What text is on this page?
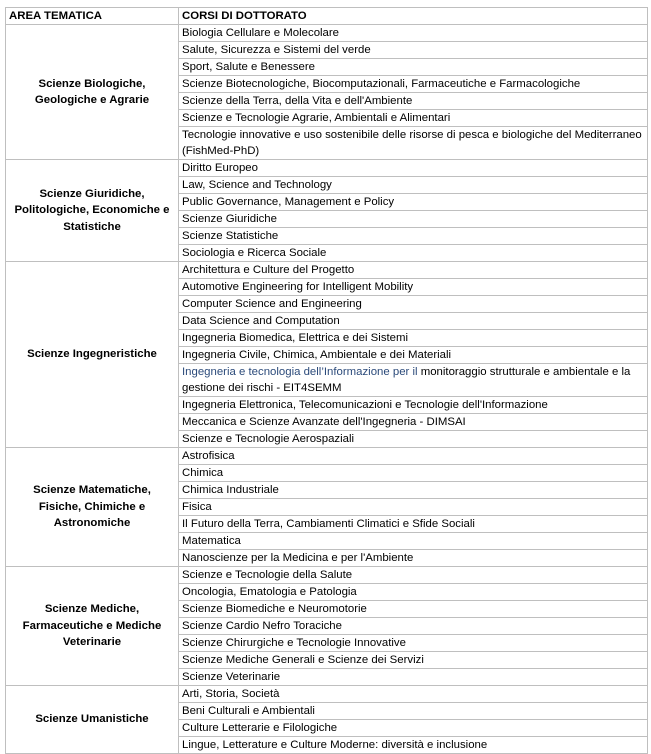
AREA TEMATICA	CORSI DI DOTTORATO
Scienze Biologiche, Geologiche e Agrarie	Biologia Cellulare e Molecolare
	Salute, Sicurezza e Sistemi del verde
	Sport, Salute e Benessere
	Scienze Biotecnologiche, Biocomputazionali, Farmaceutiche e Farmacologiche
	Scienze della Terra, della Vita e dell'Ambiente
	Scienze e Tecnologie Agrarie, Ambientali e Alimentari
	Tecnologie innovative e uso sostenibile delle risorse di pesca e biologiche del Mediterraneo (FishMed-PhD)
Scienze Giuridiche, Politologiche, Economiche e Statistiche	Diritto Europeo
	Law, Science and Technology
	Public Governance, Management e Policy
	Scienze Giuridiche
	Scienze Statistiche
	Sociologia e Ricerca Sociale
Scienze Ingegneristiche	Architettura e Culture del Progetto
	Automotive Engineering for Intelligent Mobility
	Computer Science and Engineering
	Data Science and Computation
	Ingegneria Biomedica, Elettrica e dei Sistemi
	Ingegneria Civile, Chimica, Ambientale e dei Materiali
	Ingegneria e tecnologia dell’Informazione per il monitoraggio strutturale e ambientale e la gestione dei rischi - EIT4SEMM
	Ingegneria Elettronica, Telecomunicazioni e Tecnologie dell'Informazione
	Meccanica e Scienze Avanzate dell'Ingegneria - DIMSAI
	Scienze e Tecnologie Aerospaziali
Scienze Matematiche, Fisiche, Chimiche e Astronomiche	Astrofisica
	Chimica
	Chimica Industriale
	Fisica
	Il Futuro della Terra, Cambiamenti Climatici e Sfide Sociali
	Matematica
	Nanoscienze per la Medicina e per l'Ambiente
Scienze Mediche, Farmaceutiche e Mediche Veterinarie	Scienze e Tecnologie della Salute
	Oncologia, Ematologia e Patologia
	Scienze Biomediche e Neuromotorie
	Scienze Cardio Nefro Toraciche
	Scienze Chirurgiche e Tecnologie Innovative
	Scienze Mediche Generali e Scienze dei Servizi
	Scienze Veterinarie
Scienze Umanistiche	Arti, Storia, Società
	Beni Culturali e Ambientali
	Culture Letterarie e Filologiche
	Lingue, Letterature e Culture Moderne: diversità e inclusione
